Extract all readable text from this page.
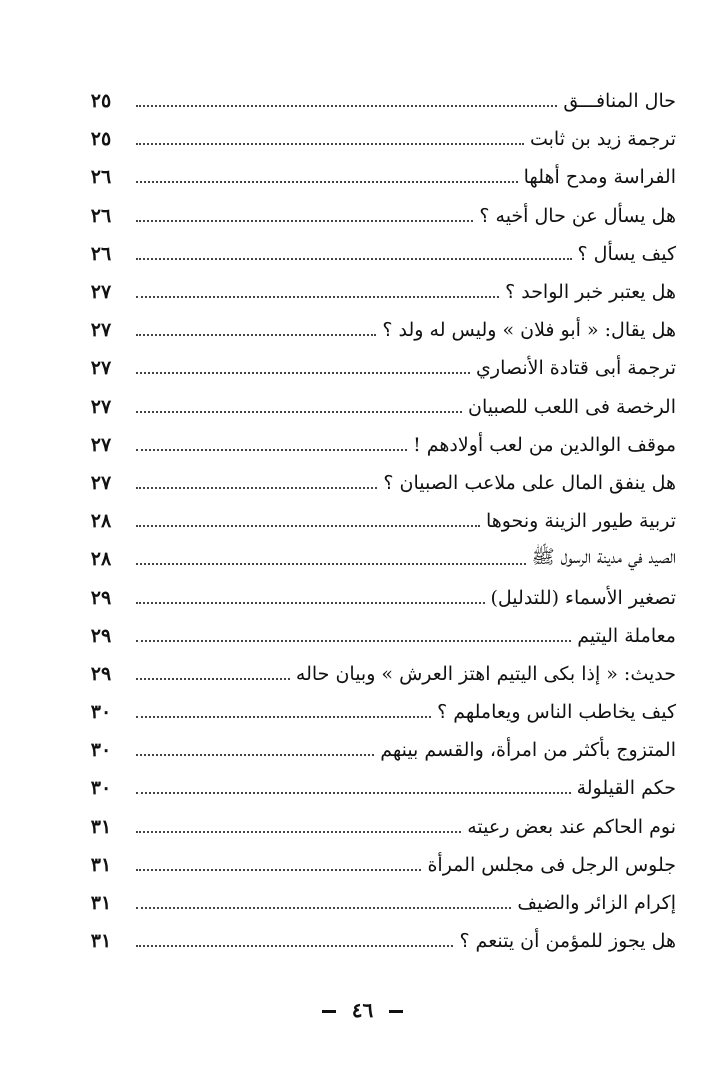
حال المنافـــق
٢٥
ترجمة زيد بن ثابت
٢٥
الفراسة ومدح أهلها
٢٦
هل يسأل عن حال أخيه ؟
٢٦
كيف يسأل ؟
٢٦
هل يعتبر خبر الواحد ؟
٢٧
هل يقال: « أبو فلان » وليس له ولد ؟
٢٧
ترجمة أبى قتادة الأنصاري
٢٧
الرخصة فى اللعب للصبيان
٢٧
موقف الوالدين من لعب أولادهم !
٢٧
هل ينفق المال على ملاعب الصبيان ؟
٢٧
تربية طيور الزينة ونحوها
٢٨
الصيد في مدينة الرسول ﷺ
٢٨
تصغير الأسماء (للتدليل)
٢٩
معاملة اليتيم
٢٩
حديث: « إذا بكى اليتيم اهتز العرش » وبيان حاله
٢٩
كيف يخاطب الناس ويعاملهم ؟
٣٠
المتزوج بأكثر من امرأة، والقسم بينهم
٣٠
حكم القيلولة
٣٠
نوم الحاكم عند بعض رعيته
٣١
جلوس الرجل فى مجلس المرأة
٣١
إكرام الزائر والضيف
٣١
هل يجوز للمؤمن أن يتنعم ؟
٣١
٤٦
